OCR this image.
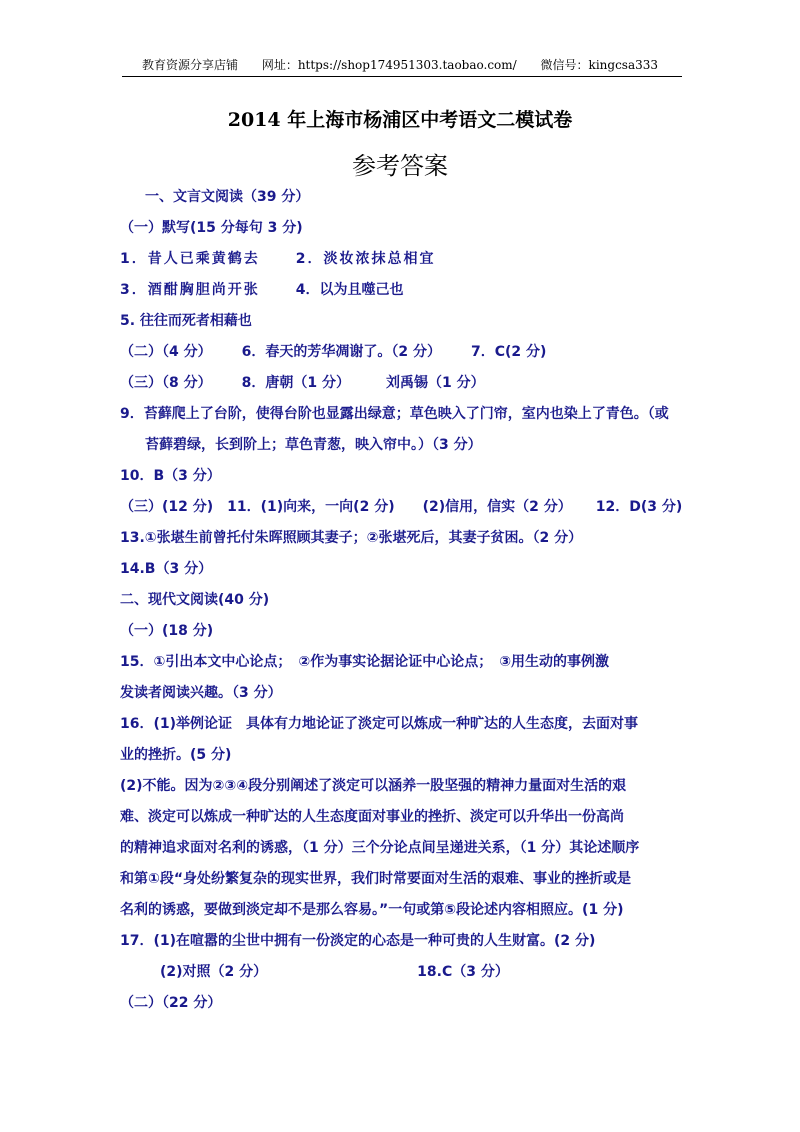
教育资源分享店铺 网址：https://shop174951303.taobao.com/ 微信号：kingcsa333
2014 年上海市杨浦区中考语文二模试卷
参考答案
一、文言文阅读（39 分）
（一）默写(15 分每句 3 分)
1．昔人已乘黄鹤去	2．淡妆浓抹总相宜
3．酒酣胸胆尚开张	4．以为且噬己也
5. 往往而死者相藉也
（二）（4 分） 6．春天的芳华凋谢了。（2 分） 7．C(2 分)
（三）（8 分） 8．唐朝（1 分）	刘禹锡（1 分）
9．苔藓爬上了台阶，使得台阶也显露出绿意；草色映入了门帘，室内也染上了青色。（或
苔藓碧绿，长到阶上；草色青葱，映入帘中。）（3 分）
10．B（3 分）
（三）(12 分) 11．(1)向来，一向(2 分) (2)信用，信实（2 分） 12．D(3 分)
13.①张堪生前曾托付朱晖照顾其妻子；②张堪死后，其妻子贫困。（2 分）
14.B（3 分）
二、现代文阅读(40 分)
（一）(18 分)
15．①引出本文中心论点；　②作为事实论据论证中心论点；　③用生动的事例激
发读者阅读兴趣。（3 分）
16．(1)举例论证　具体有力地论证了淡定可以炼成一种旷达的人生态度，去面对事
业的挫折。(5 分)
(2)不能。因为②③④段分别阐述了淡定可以涵养一股坚强的精神力量面对生活的艰
难、淡定可以炼成一种旷达的人生态度面对事业的挫折、淡定可以升华出一份高尚
的精神追求面对名利的诱惑，（1 分）三个分论点间呈递进关系，（1 分）其论述顺序
和第①段“身处纷繁复杂的现实世界，我们时常要面对生活的艰难、事业的挫折或是
名利的诱惑，要做到淡定却不是那么容易。”一句或第⑤段论述内容相照应。(1 分)
17．(1)在喧嚣的尘世中拥有一份淡定的心态是一种可贵的人生财富。(2 分)
(2)对照（2 分）	18.C（3 分）
（二）（22 分）
